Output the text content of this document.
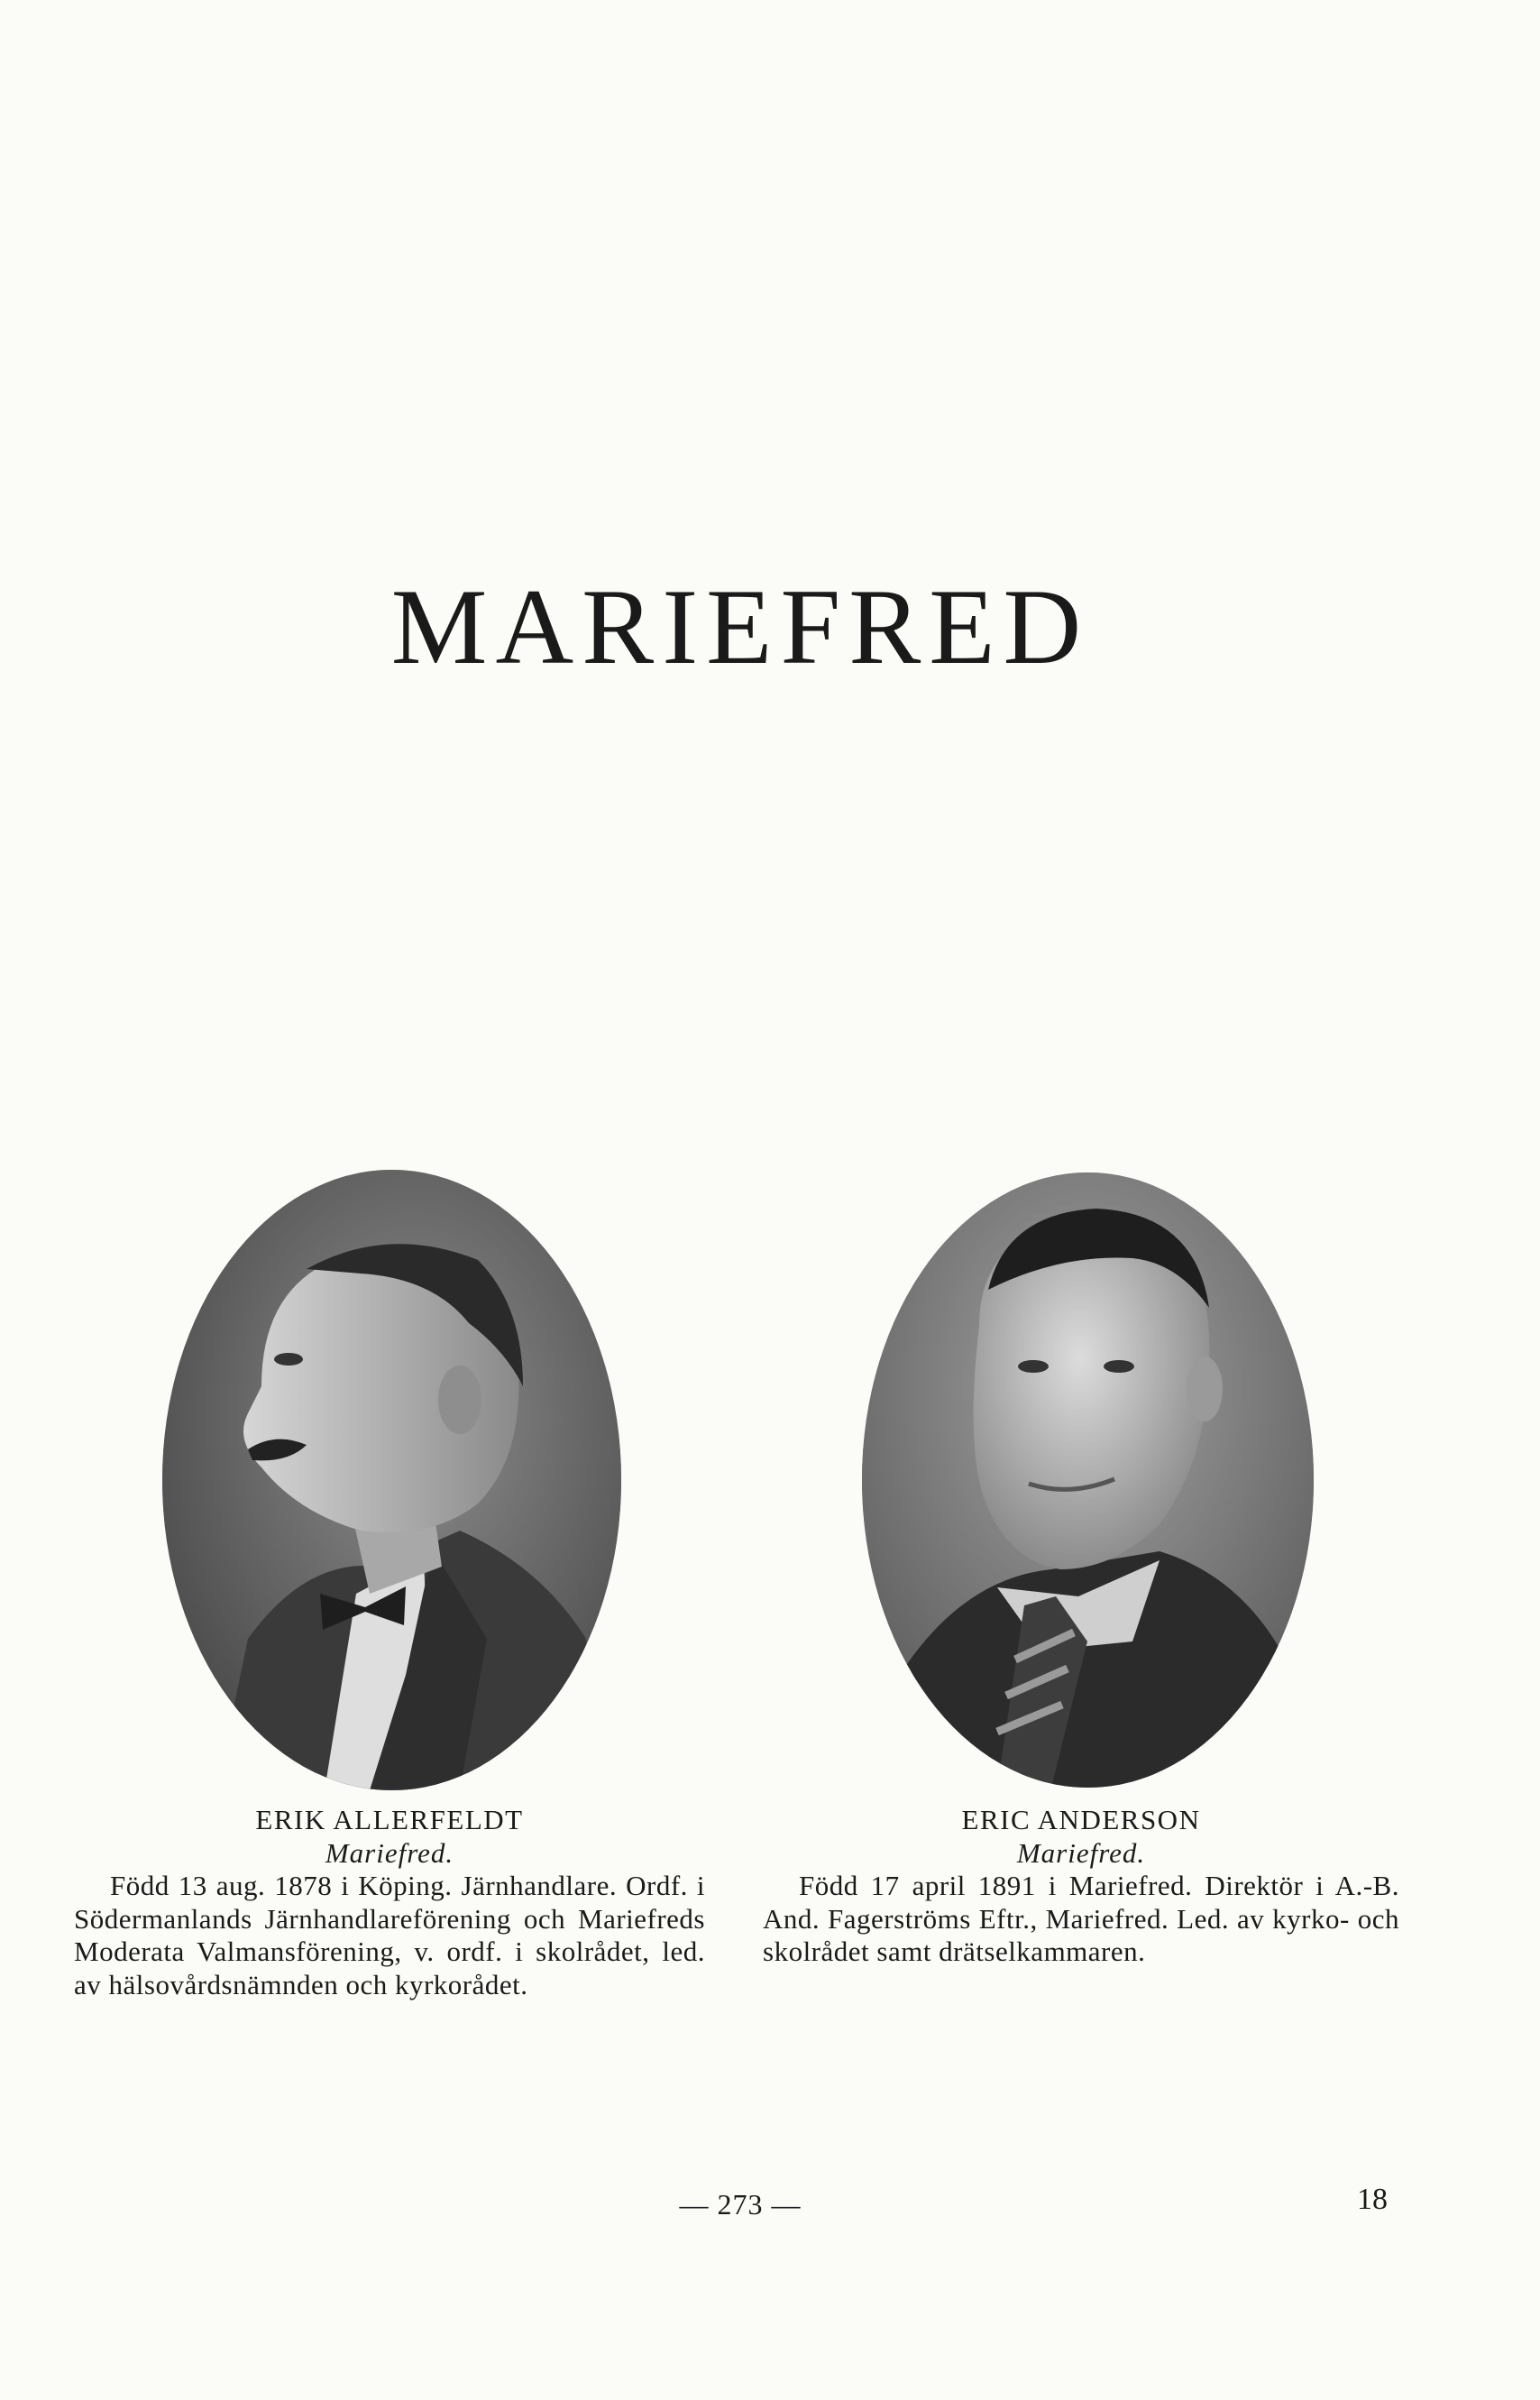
MARIEFRED
ERIK ALLERFELDT
Mariefred.
Född 13 aug. 1878 i Köping. Järnhandlare. Ordf. i Södermanlands Järnhandlareförening och Mariefreds Moderata Valmansförening, v. ordf. i skolrådet, led. av hälsovårdsnämnden och kyrkorådet.
ERIC ANDERSON
Mariefred.
Född 17 april 1891 i Mariefred. Direktör i A.-B. And. Fagerströms Eftr., Mariefred. Led. av kyrko- och skolrådet samt drätselkammaren.
— 273 —	18
